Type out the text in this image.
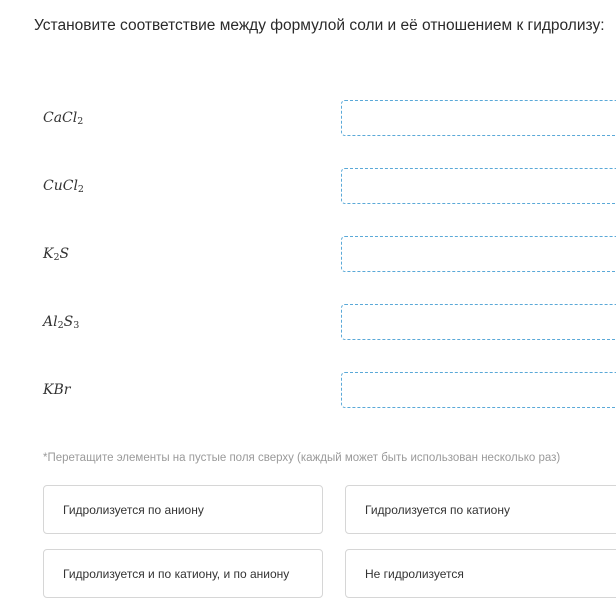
Установите соответствие между формулой соли и её отношением к гидролизу:
CaCl$_2$
CuCl$_2$
$K_2S$
$Al_2S_3$
KBr
*Перетащите элементы на пустые поля сверху (каждый может быть использован несколько раз)
Гидролизуется по аниону	Гидролизуется по катиону
Гидролизуется и по катиону, и по аниону	Не гидролизуется
